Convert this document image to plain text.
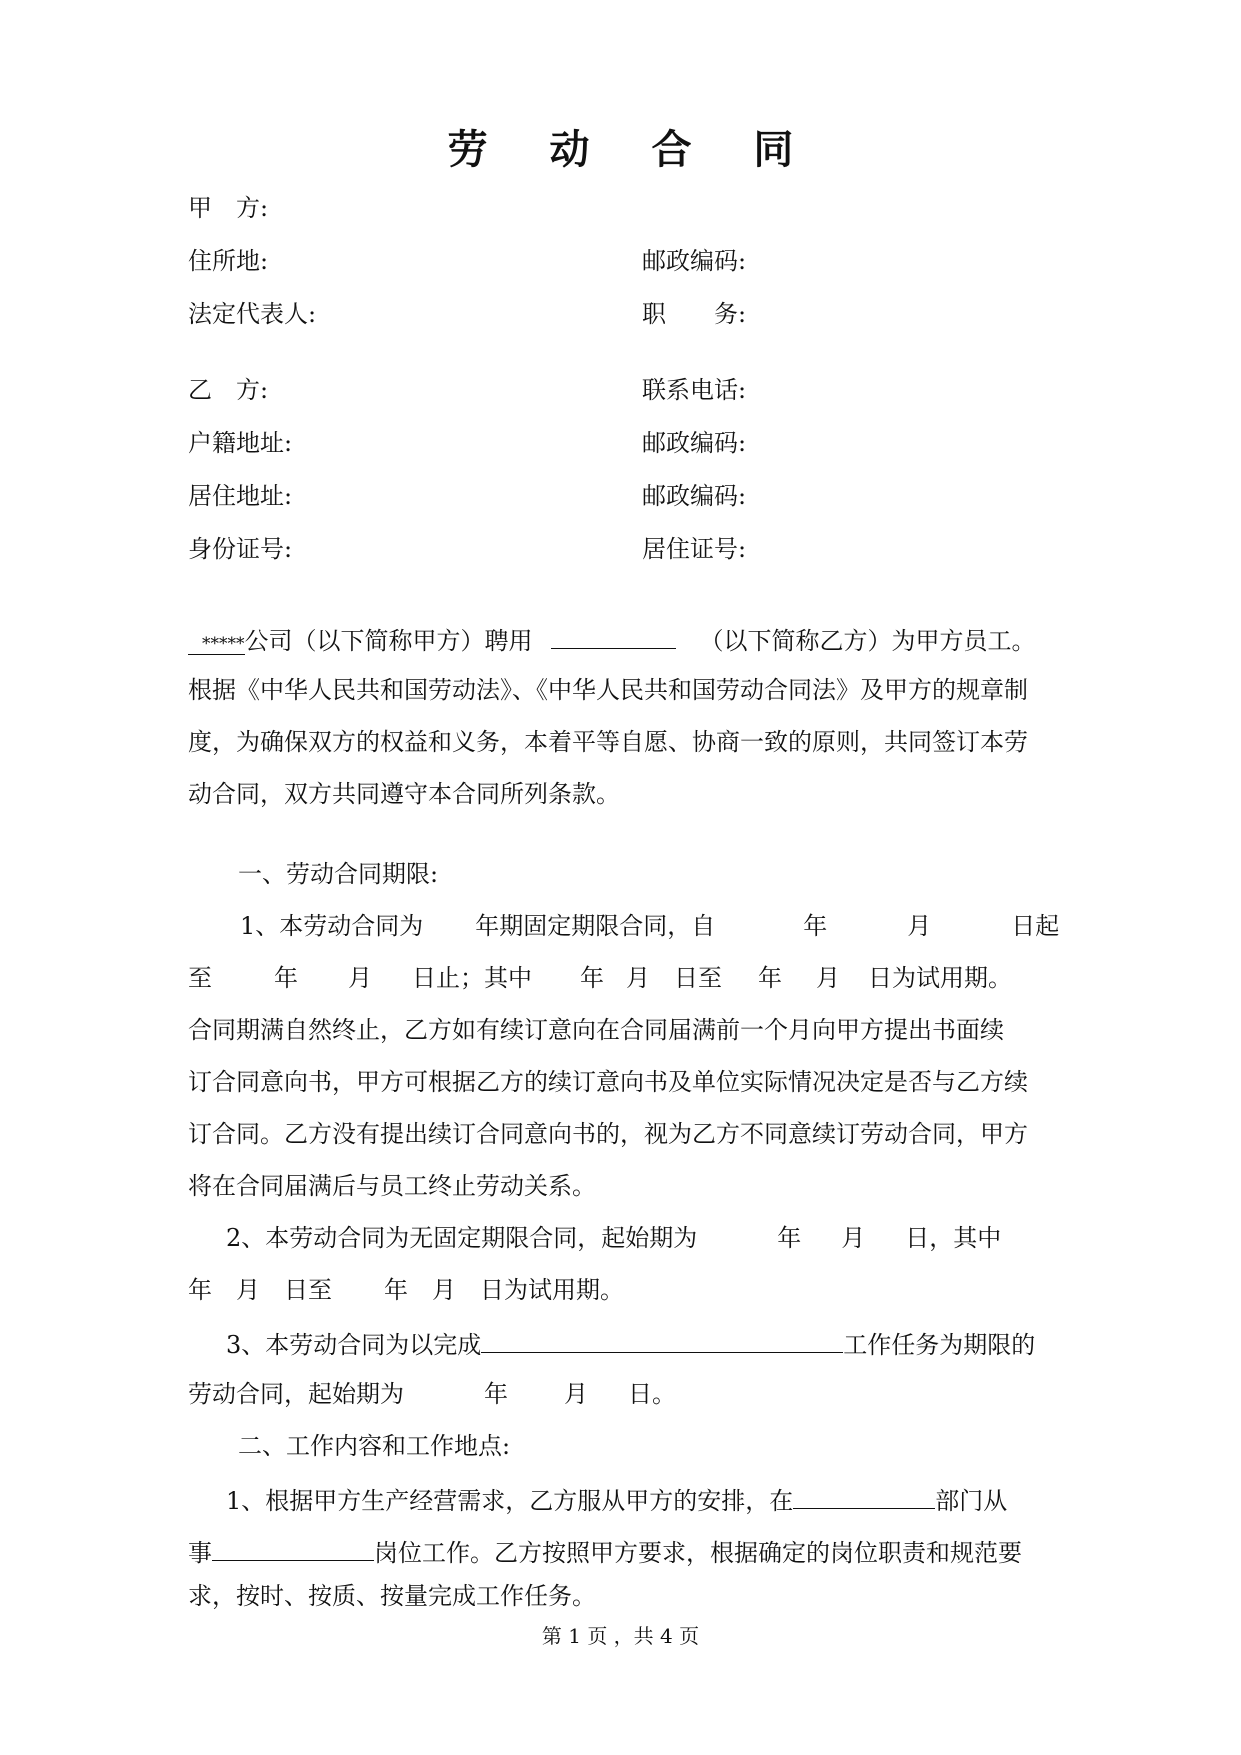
劳 动 合 同
甲　方:
住所地:	邮政编码:
法定代表人:	职　　务:
乙　方:	联系电话:
户籍地址:	邮政编码:
居住地址:	邮政编码:
身份证号:	居住证号:
*****公司（以下简称甲方）聘用	（以下简称乙方）为甲方员工。
根据《中华人民共和国劳动法》、《中华人民共和国劳动合同法》及甲方的规章制
度，为确保双方的权益和义务，本着平等自愿、协商一致的原则，共同签订本劳
动合同，双方共同遵守本合同所列条款。
一、劳动合同期限:
1、本劳动合同为 年期固定期限合同，自	年	月	日起
至	年 月 日止；其中 年 月 日至 年 月 日为试用期。
合同期满自然终止，乙方如有续订意向在合同届满前一个月向甲方提出书面续
订合同意向书，甲方可根据乙方的续订意向书及单位实际情况决定是否与乙方续
订合同。乙方没有提出续订合同意向书的，视为乙方不同意续订劳动合同，甲方
将在合同届满后与员工终止劳动关系。
2、本劳动合同为无固定期限合同，起始期为	年 月 日，其中
年 月 日至 年 月 日为试用期。
3、本劳动合同为以完成	工作任务为期限的
劳动合同，起始期为	年 月 日。
二、工作内容和工作地点:
1、根据甲方生产经营需求，乙方服从甲方的安排，在	部门从
事	岗位工作。乙方按照甲方要求，根据确定的岗位职责和规范要
求，按时、按质、按量完成工作任务。
第 1 页 ，共 4 页
